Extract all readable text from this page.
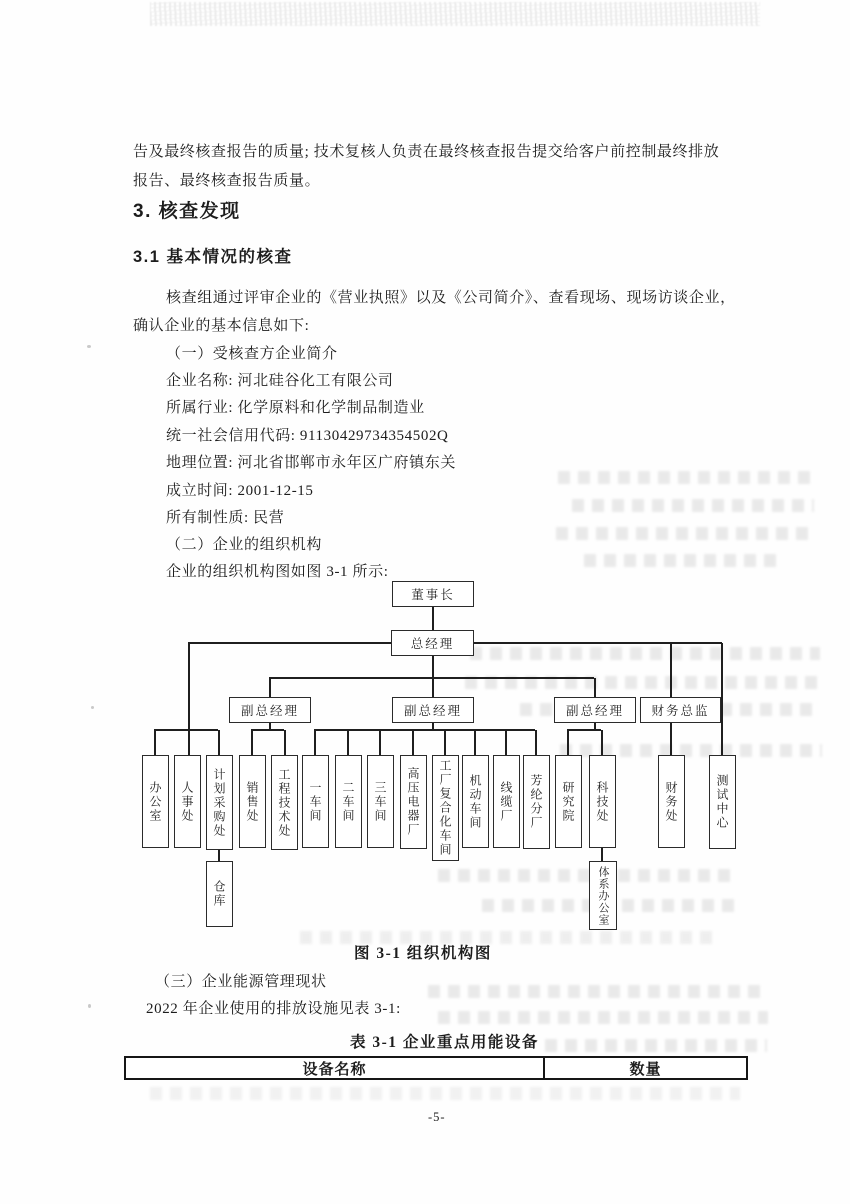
告及最终核查报告的质量; 技术复核人负责在最终核查报告提交给客户前控制最终排放
报告、最终核查报告质量。
3. 核查发现
3.1 基本情况的核查
核查组通过评审企业的《营业执照》以及《公司简介》、查看现场、现场访谈企业，
确认企业的基本信息如下:
（一）受核查方企业简介
企业名称: 河北硅谷化工有限公司
所属行业: 化学原料和化学制品制造业
统一社会信用代码: 91130429734354502Q
地理位置: 河北省邯郸市永年区广府镇东关
成立时间: 2001-12-15
所有制性质: 民营
（二）企业的组织机构
企业的组织机构图如图 3-1 所示:
董事长
总经理
副总经理	副总经理	副总经理	财务总监
办公室	人事处	计划采购处	销售处	工程技术处	一车间	二车间	三车间	高压电器厂	工厂复合化车间	机动车间	线缆厂	芳纶分厂	研究院	科技处	财务处	测试中心
仓库	体系办公室
图 3-1 组织机构图
（三）企业能源管理现状
2022 年企业使用的排放设施见表 3-1:
表 3-1 企业重点用能设备
设备名称	数量
-5-
